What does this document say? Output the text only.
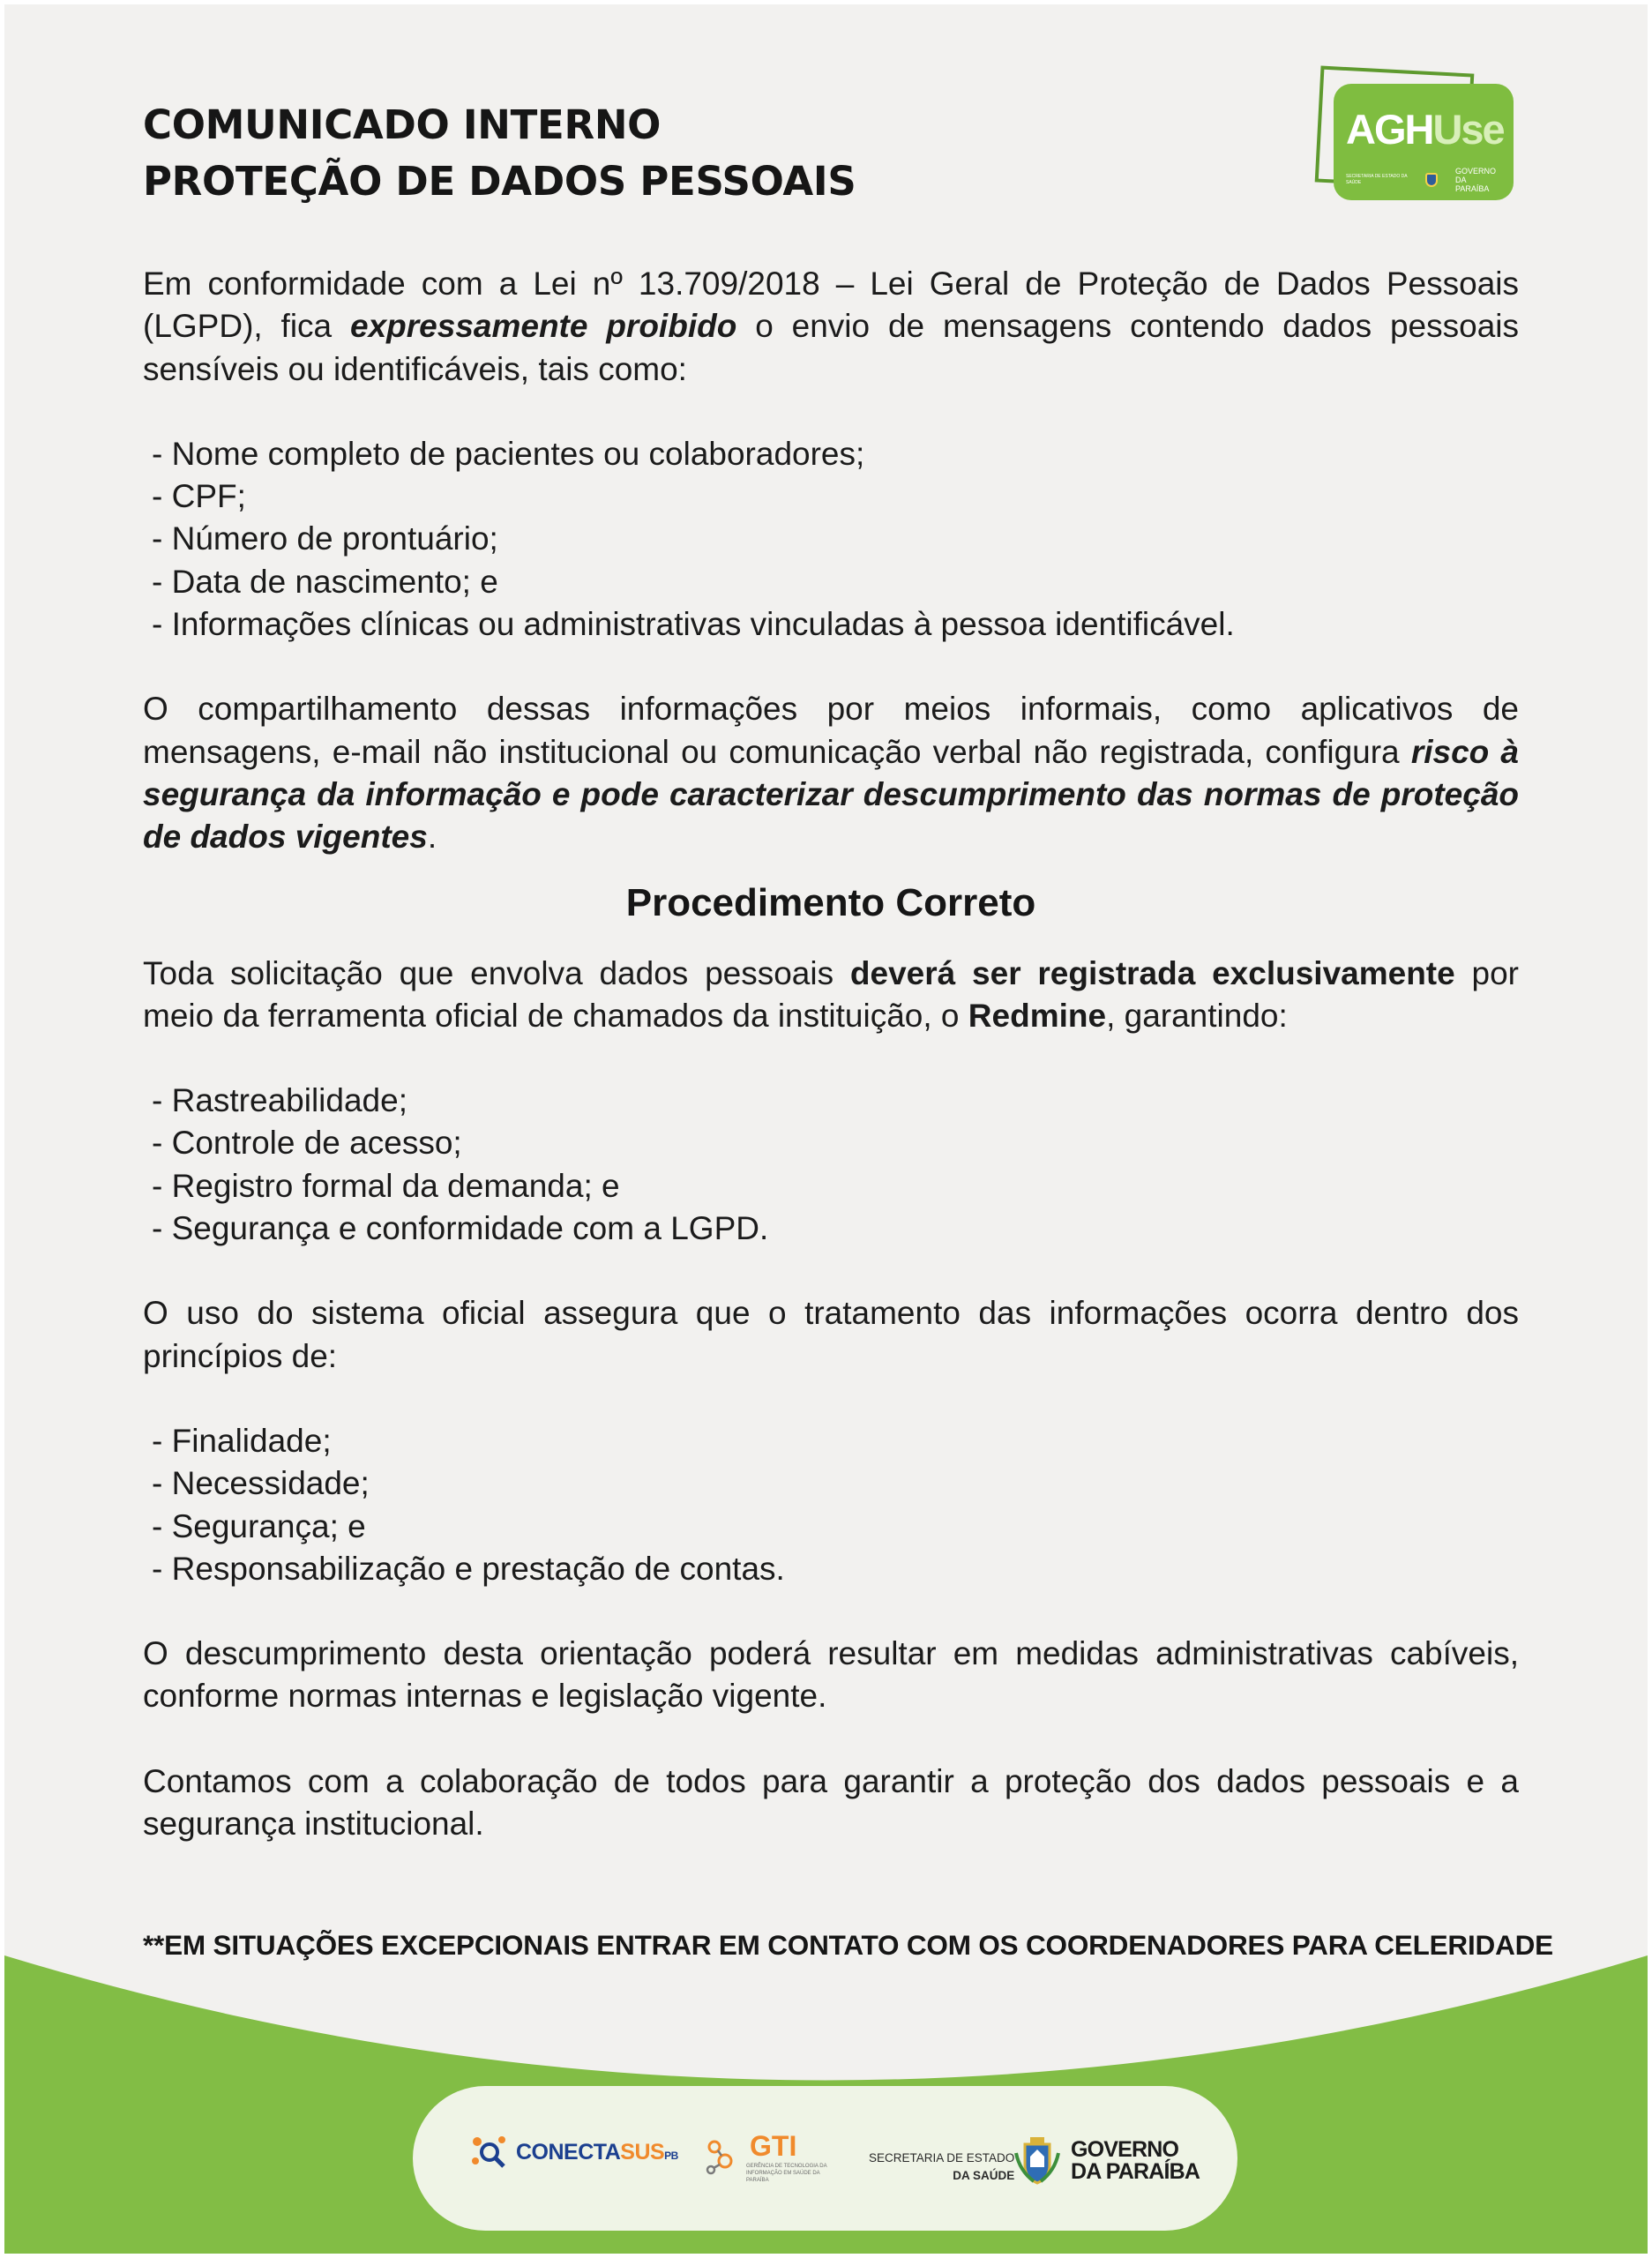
COMUNICADO INTERNO
PROTEÇÃO DE DADOS PESSOAIS
AGHUse
SECRETARIA DE ESTADO DA SAÚDE
GOVERNO DA PARAÍBA

Em conformidade com a Lei nº 13.709/2018 – Lei Geral de Proteção de Dados Pessoais (LGPD), fica expressamente proibido o envio de mensagens contendo dados pessoais sensíveis ou identificáveis, tais como:

- Nome completo de pacientes ou colaboradores;
- CPF;
- Número de prontuário;
- Data de nascimento; e
- Informações clínicas ou administrativas vinculadas à pessoa identificável.

O compartilhamento dessas informações por meios informais, como aplicativos de mensagens, e-mail não institucional ou comunicação verbal não registrada, configura risco à segurança da informação e pode caracterizar descumprimento das normas de proteção de dados vigentes.

Procedimento Correto

Toda solicitação que envolva dados pessoais deverá ser registrada exclusivamente por meio da ferramenta oficial de chamados da instituição, o Redmine, garantindo:

- Rastreabilidade;
- Controle de acesso;
- Registro formal da demanda; e
- Segurança e conformidade com a LGPD.

O uso do sistema oficial assegura que o tratamento das informações ocorra dentro dos princípios de:

- Finalidade;
- Necessidade;
- Segurança; e
- Responsabilização e prestação de contas.

O descumprimento desta orientação poderá resultar em medidas administrativas cabíveis, conforme normas internas e legislação vigente.

Contamos com a colaboração de todos para garantir a proteção dos dados pessoais e a segurança institucional.

**EM SITUAÇÕES EXCEPCIONAIS ENTRAR EM CONTATO COM OS COORDENADORES PARA CELERIDADE
CONECTASUSPB	GTI
GERÊNCIA DE TECNOLOGIA DA INFORMAÇÃO EM SAÚDE DA PARAÍBA
SECRETARIA DE ESTADO
DA SAÚDE
GOVERNO
DA PARAÍBA
